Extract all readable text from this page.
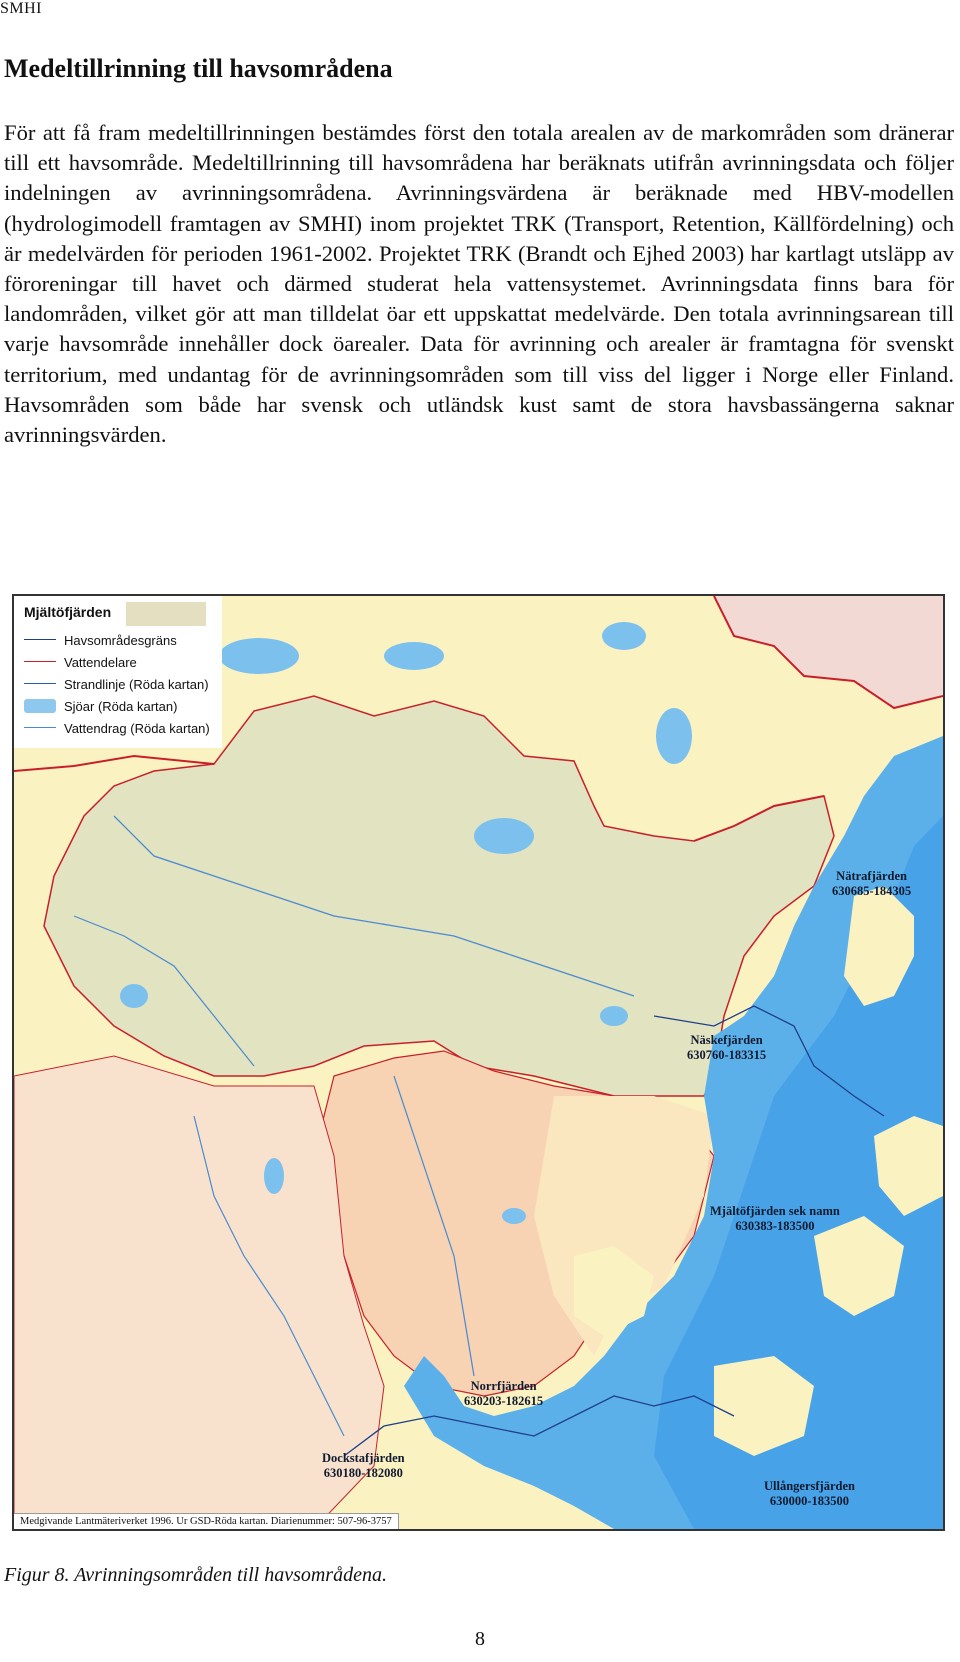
SMHI
Medeltillrinning till havsområdena

För att få fram medeltillrinningen bestämdes först den totala arealen av de markområden som dränerar till ett havsområde. Medeltillrinning till havsområdena har beräknats utifrån avrinningsdata och följer indelningen av avrinningsområdena. Avrinningsvärdena är beräknade med HBV-modellen (hydrologimodell framtagen av SMHI) inom projektet TRK (Transport, Retention, Källfördelning) och är medelvärden för perioden 1961-2002. Projektet TRK (Brandt och Ejhed 2003) har kartlagt utsläpp av föroreningar till havet och därmed studerat hela vattensystemet. Avrinningsdata finns bara för landområden, vilket gör att man tilldelat öar ett uppskattat medelvärde. Den totala avrinningsarean till varje havsområde innehåller dock öarealer. Data för avrinning och arealer är framtagna för svenskt territorium, med undantag för de avrinningsområden som till viss del ligger i Norge eller Finland. Havsområden som både har svensk och utländsk kust samt de stora havsbassängerna saknar avrinningsvärden.

Mjältöfjärden
Havsområdesgräns
Vattendelare
Strandlinje (Röda kartan)
Sjöar (Röda kartan)
Vattendrag (Röda kartan)
Nätrafjärden
630685-184305
Näskefjärden
630760-183315
Mjältöfjärden sek namn
630383-183500
Norrfjärden
630203-182615
Dockstafjärden
630180-182080
Ullångersfjärden
630000-183500
Medgivande Lantmäteriverket 1996. Ur GSD-Röda kartan. Diarienummer: 507-96-3757
Figur 8. Avrinningsområden till havsområdena.
8
